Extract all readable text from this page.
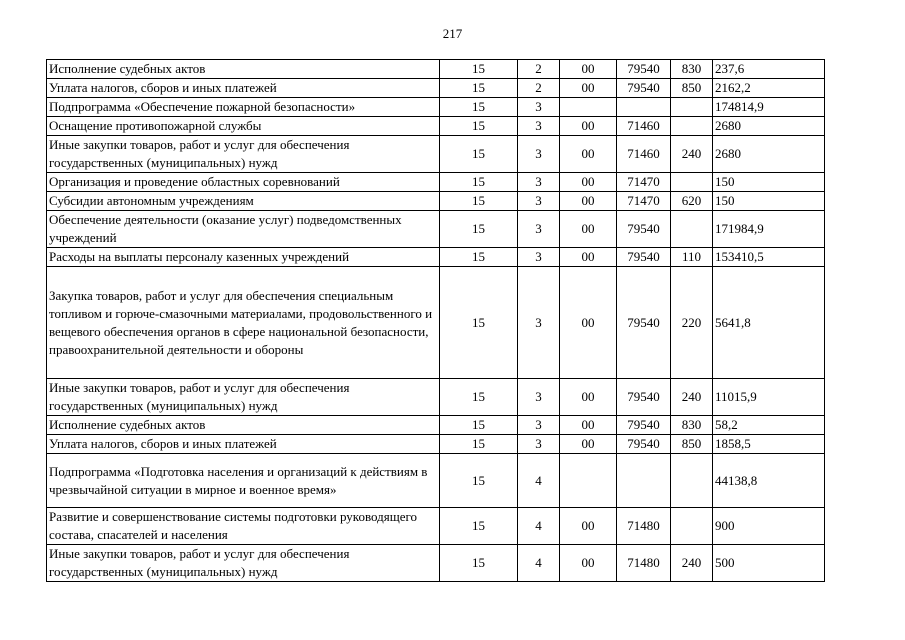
217
Исполнение судебных актов	15	2	00	79540	830	237,6
Уплата налогов, сборов и иных платежей	15	2	00	79540	850	2162,2
Подпрограмма «Обеспечение пожарной безопасности»	15	3				174814,9
Оснащение противопожарной службы	15	3	00	71460		2680
Иные закупки товаров, работ и услуг для обеспечения государственных (муниципальных) нужд	15	3	00	71460	240	2680
Организация и проведение областных соревнований	15	3	00	71470		150
Субсидии автономным учреждениям	15	3	00	71470	620	150
Обеспечение деятельности (оказание услуг) подведомственных учреждений	15	3	00	79540		171984,9
Расходы на выплаты персоналу казенных учреждений	15	3	00	79540	110	153410,5
Закупка товаров, работ и услуг для обеспечения специальным топливом и горюче-смазочными материалами, продовольственного и вещевого обеспечения органов в сфере национальной безопасности, правоохранительной деятельности и обороны	15	3	00	79540	220	5641,8
Иные закупки товаров, работ и услуг для обеспечения государственных (муниципальных) нужд	15	3	00	79540	240	11015,9
Исполнение судебных актов	15	3	00	79540	830	58,2
Уплата налогов, сборов и иных платежей	15	3	00	79540	850	1858,5
Подпрограмма «Подготовка населения и организаций к действиям в чрезвычайной ситуации в мирное и военное время»	15	4				44138,8
Развитие и совершенствование системы подготовки руководящего состава, спасателей и населения	15	4	00	71480		900
Иные закупки товаров, работ и услуг для обеспечения государственных (муниципальных) нужд	15	4	00	71480	240	500
